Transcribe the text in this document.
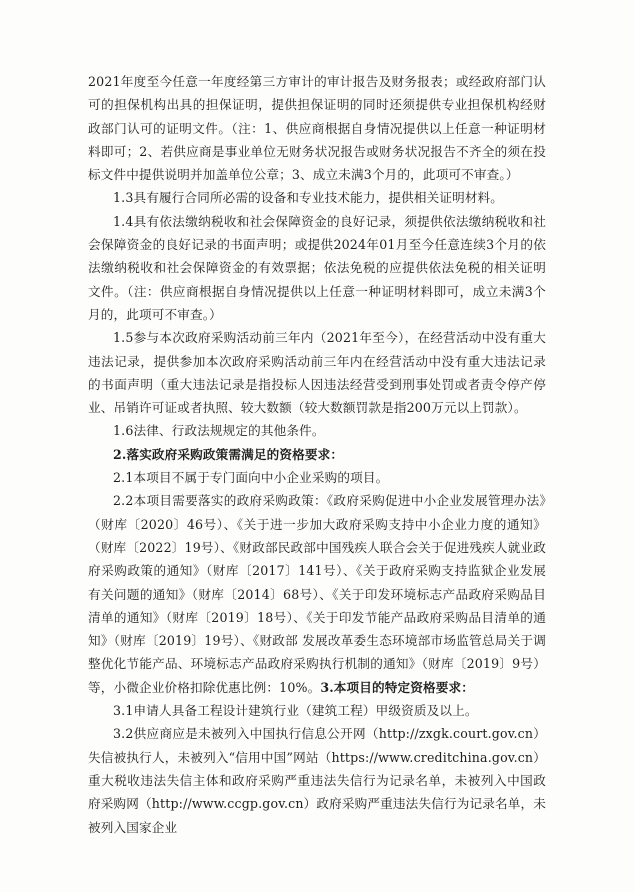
2021年度至今任意一年度经第三方审计的审计报告及财务报表；或经政府部门认可的担保机构出具的担保证明，提供担保证明的同时还须提供专业担保机构经财政部门认可的证明文件。（注：1、供应商根据自身情况提供以上任意一种证明材料即可；2、若供应商是事业单位无财务状况报告或财务状况报告不齐全的须在投标文件中提供说明并加盖单位公章；3、成立未满3个月的，此项可不审查。）

1.3具有履行合同所必需的设备和专业技术能力，提供相关证明材料。

1.4具有依法缴纳税收和社会保障资金的良好记录，须提供依法缴纳税收和社会保障资金的良好记录的书面声明；或提供2024年01月至今任意连续3个月的依法缴纳税收和社会保障资金的有效票据；依法免税的应提供依法免税的相关证明文件。（注：供应商根据自身情况提供以上任意一种证明材料即可，成立未满3个月的，此项可不审查。）

1.5参与本次政府采购活动前三年内（2021年至今），在经营活动中没有重大违法记录，提供参加本次政府采购活动前三年内在经营活动中没有重大违法记录的书面声明（重大违法记录是指投标人因违法经营受到刑事处罚或者责令停产停业、吊销许可证或者执照、较大数额（较大数额罚款是指200万元以上罚款）。

1.6法律、行政法规规定的其他条件。

2.落实政府采购政策需满足的资格要求：

2.1本项目不属于专门面向中小企业采购的项目。

2.2本项目需要落实的政府采购政策：《政府采购促进中小企业发展管理办法》（财库〔2020〕46号）、《关于进一步加大政府采购支持中小企业力度的通知》（财库〔2022〕19号）、《财政部民政部中国残疾人联合会关于促进残疾人就业政府采购政策的通知》（财库〔2017〕141号）、《关于政府采购支持监狱企业发展有关问题的通知》（财库〔2014〕68号）、《关于印发环境标志产品政府采购品目清单的通知》（财库〔2019〕18号）、《关于印发节能产品政府采购品目清单的通知》（财库〔2019〕19号）、《财政部 发展改革委生态环境部市场监管总局关于调整优化节能产品、环境标志产品政府采购执行机制的通知》（财库〔2019〕9号）等，小微企业价格扣除优惠比例：10%。3.本项目的特定资格要求：

3.1申请人具备工程设计建筑行业（建筑工程）甲级资质及以上。

3.2供应商应是未被列入中国执行信息公开网（http://zxgk.court.gov.cn）失信被执行人，未被列入“信用中国”网站（https://www.creditchina.gov.cn）重大税收违法失信主体和政府采购严重违法失信行为记录名单，未被列入中国政府采购网（http://www.ccgp.gov.cn）政府采购严重违法失信行为记录名单，未被列入国家企业
